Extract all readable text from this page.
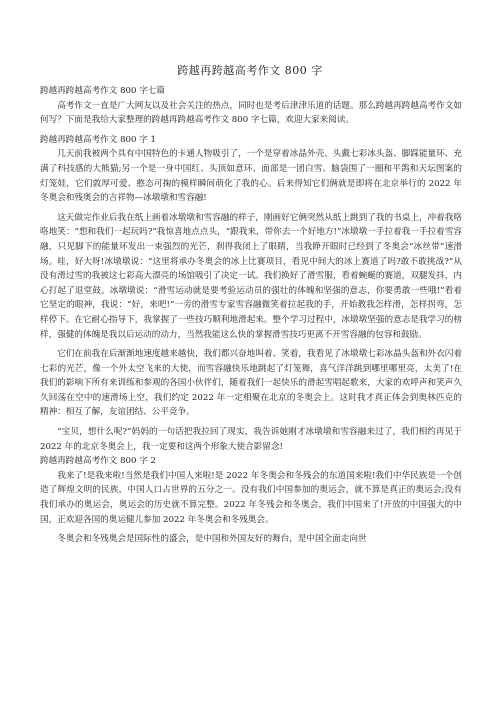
跨越再跨越高考作文 800 字

跨越再跨越高考作文 800 字七篇

高考作文一直是广大网友以及社会关注的热点，同时也是考后津津乐道的话题。那么跨越再跨越高考作文如何写？下面是我给大家整理的跨越再跨越高考作文 800 字七篇，欢迎大家来阅读。

跨越再跨越高考作文 800 字 1

几天前我被两个具有中国特色的卡通人物吸引了，一个是穿着冰晶外壳、头戴七彩冰头盔、脚踩能量环、充满了科技感的大熊猫;另一个是一身中国红、头顶如意环、面部是一团白雪、脑袋围了一圈和平鸽和天坛图案的灯笼娃，它们敦厚可爱、憨态可掬的模样瞬间萌化了我的心。后来得知它们俩就是即将在北京举行的 2022 年冬奥会和残奥会的吉祥物—冰墩墩和雪容融!

这天做完作业后我在纸上画着冰墩墩和雪容融的样子，刚画好它俩突然从纸上跳到了我的书桌上，冲着我咯咯地笑：“想和我们一起玩吗?”我惊喜地点点头，“跟我来，带你去一个好地方!”冰墩墩一手拉着我一手拉着雪容融，只见脚下的能量环发出一束强烈的光芒，刹得我闭上了眼睛，当我睁开眼时已经到了冬奥会“冰丝带”速滑场。哇，好大呀!冰墩墩说：“这里将承办冬奥会的冰上比赛项目，看见中间大的冰上赛道了吗?敢不敢挑战?”从没有滑过雪的我被这七彩高大漂亮的场馆吸引了决定一试。我们换好了滑雪服，看着蜿蜒的赛道，双腿发抖，内心打起了退堂鼓。冰墩墩说：“滑雪运动就是要考验运动员的强壮的体魄和坚强的意志，你要勇敢一些哦!”看着它坚定的眼神，我说：“好，来吧!”一旁的滑雪专家雪容融微笑着拉起我的手，开始教我怎样滑，怎样拐弯，怎样停下。在它耐心指导下，我掌握了一些技巧顺利地滑起来。整个学习过程中，冰墩墩坚强的意志是我学习的榜样，强健的体魄是我以后运动的动力，当然我能这么快的掌握滑雪技巧更离不开雪容融的包容和鼓励。

它们在前我在后渐渐地速度越来越快，我们都兴奋地叫着、笑着，我看见了冰墩墩七彩冰晶头盔和外衣闪着七彩的光芒，像一个外太空飞来的大使，而雪容融快乐地跳起了灯笼舞，喜气洋洋跳到哪里哪里亮，太美了!在我们的影响下所有来训练和参观的各国小伙伴们，随着我们一起快乐的滑起雪唱起歌来，大家的欢呼声和笑声久久回荡在空中的速滑场上空，我们约定 2022 年一定相聚在北京的冬奥会上。这时我才真正体会到奥林匹克的精神：相互了解，友谊团结、公平竞争。

“宝贝，想什么呢?”妈妈的一句话把我拉回了现实，我告诉她刚才冰墩墩和雪容融来过了，我们相约再见于 2022 年的北京冬奥会上，我一定要和这两个形象大使合影留念!

跨越再跨越高考作文 800 字 2

我来了!是我来啦!当然是我们中国人来啦!是 2022 年冬奥会和冬残会的东道国来啦!我们中华民族是一个创造了辉煌文明的民族，中国人口占世界的五分之一。没有我们中国参加的奥运会，就不算是真正的奥运会;没有我们承办的奥运会，奥运会的历史就不算完整。2022 年冬残会和冬奥会，我们中国来了!开放的中国强大的中国，正欢迎各国的奥运健儿参加 2022 年冬奥会和冬残奥会。

冬奥会和冬残奥会是国际性的盛会，是中国和外国友好的舞台，是中国全面走向世
